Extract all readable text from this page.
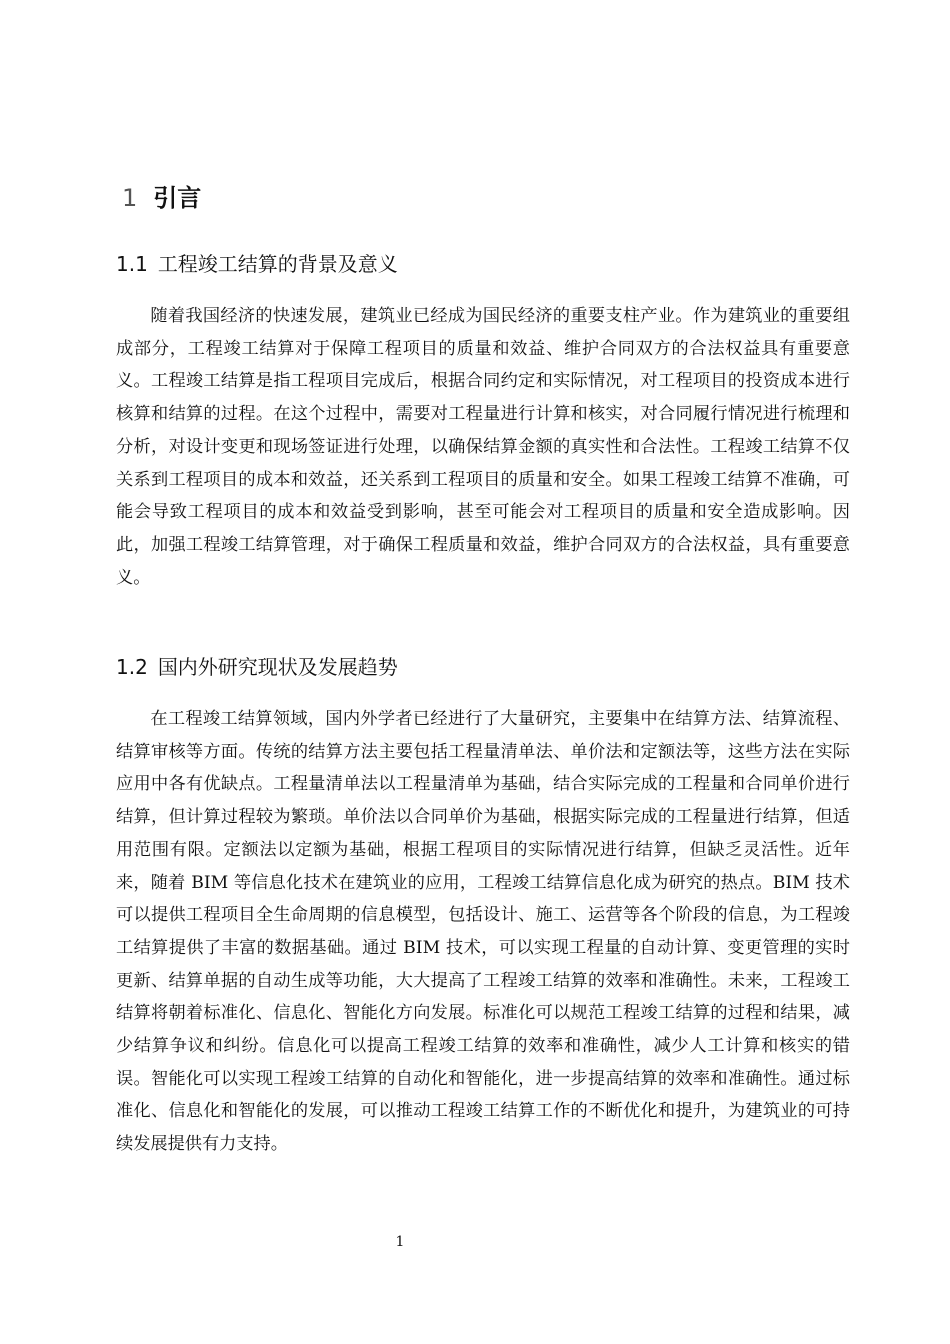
1 引言
1.1 工程竣工结算的背景及意义

随着我国经济的快速发展，建筑业已经成为国民经济的重要支柱产业。作为建筑业的重要组成部分，工程竣工结算对于保障工程项目的质量和效益、维护合同双方的合法权益具有重要意义。工程竣工结算是指工程项目完成后，根据合同约定和实际情况，对工程项目的投资成本进行核算和结算的过程。在这个过程中，需要对工程量进行计算和核实，对合同履行情况进行梳理和分析，对设计变更和现场签证进行处理，以确保结算金额的真实性和合法性。工程竣工结算不仅关系到工程项目的成本和效益，还关系到工程项目的质量和安全。如果工程竣工结算不准确，可能会导致工程项目的成本和效益受到影响，甚至可能会对工程项目的质量和安全造成影响。因此，加强工程竣工结算管理，对于确保工程质量和效益，维护合同双方的合法权益，具有重要意义。

1.2 国内外研究现状及发展趋势

在工程竣工结算领域，国内外学者已经进行了大量研究，主要集中在结算方法、结算流程、结算审核等方面。传统的结算方法主要包括工程量清单法、单价法和定额法等，这些方法在实际应用中各有优缺点。工程量清单法以工程量清单为基础，结合实际完成的工程量和合同单价进行结算，但计算过程较为繁琐。单价法以合同单价为基础，根据实际完成的工程量进行结算，但适用范围有限。定额法以定额为基础，根据工程项目的实际情况进行结算，但缺乏灵活性。近年来，随着 BIM 等信息化技术在建筑业的应用，工程竣工结算信息化成为研究的热点。BIM 技术可以提供工程项目全生命周期的信息模型，包括设计、施工、运营等各个阶段的信息，为工程竣工结算提供了丰富的数据基础。通过 BIM 技术，可以实现工程量的自动计算、变更管理的实时更新、结算单据的自动生成等功能，大大提高了工程竣工结算的效率和准确性。未来，工程竣工结算将朝着标准化、信息化、智能化方向发展。标准化可以规范工程竣工结算的过程和结果，减少结算争议和纠纷。信息化可以提高工程竣工结算的效率和准确性，减少人工计算和核实的错误。智能化可以实现工程竣工结算的自动化和智能化，进一步提高结算的效率和准确性。通过标准化、信息化和智能化的发展，可以推动工程竣工结算工作的不断优化和提升，为建筑业的可持续发展提供有力支持。

1
